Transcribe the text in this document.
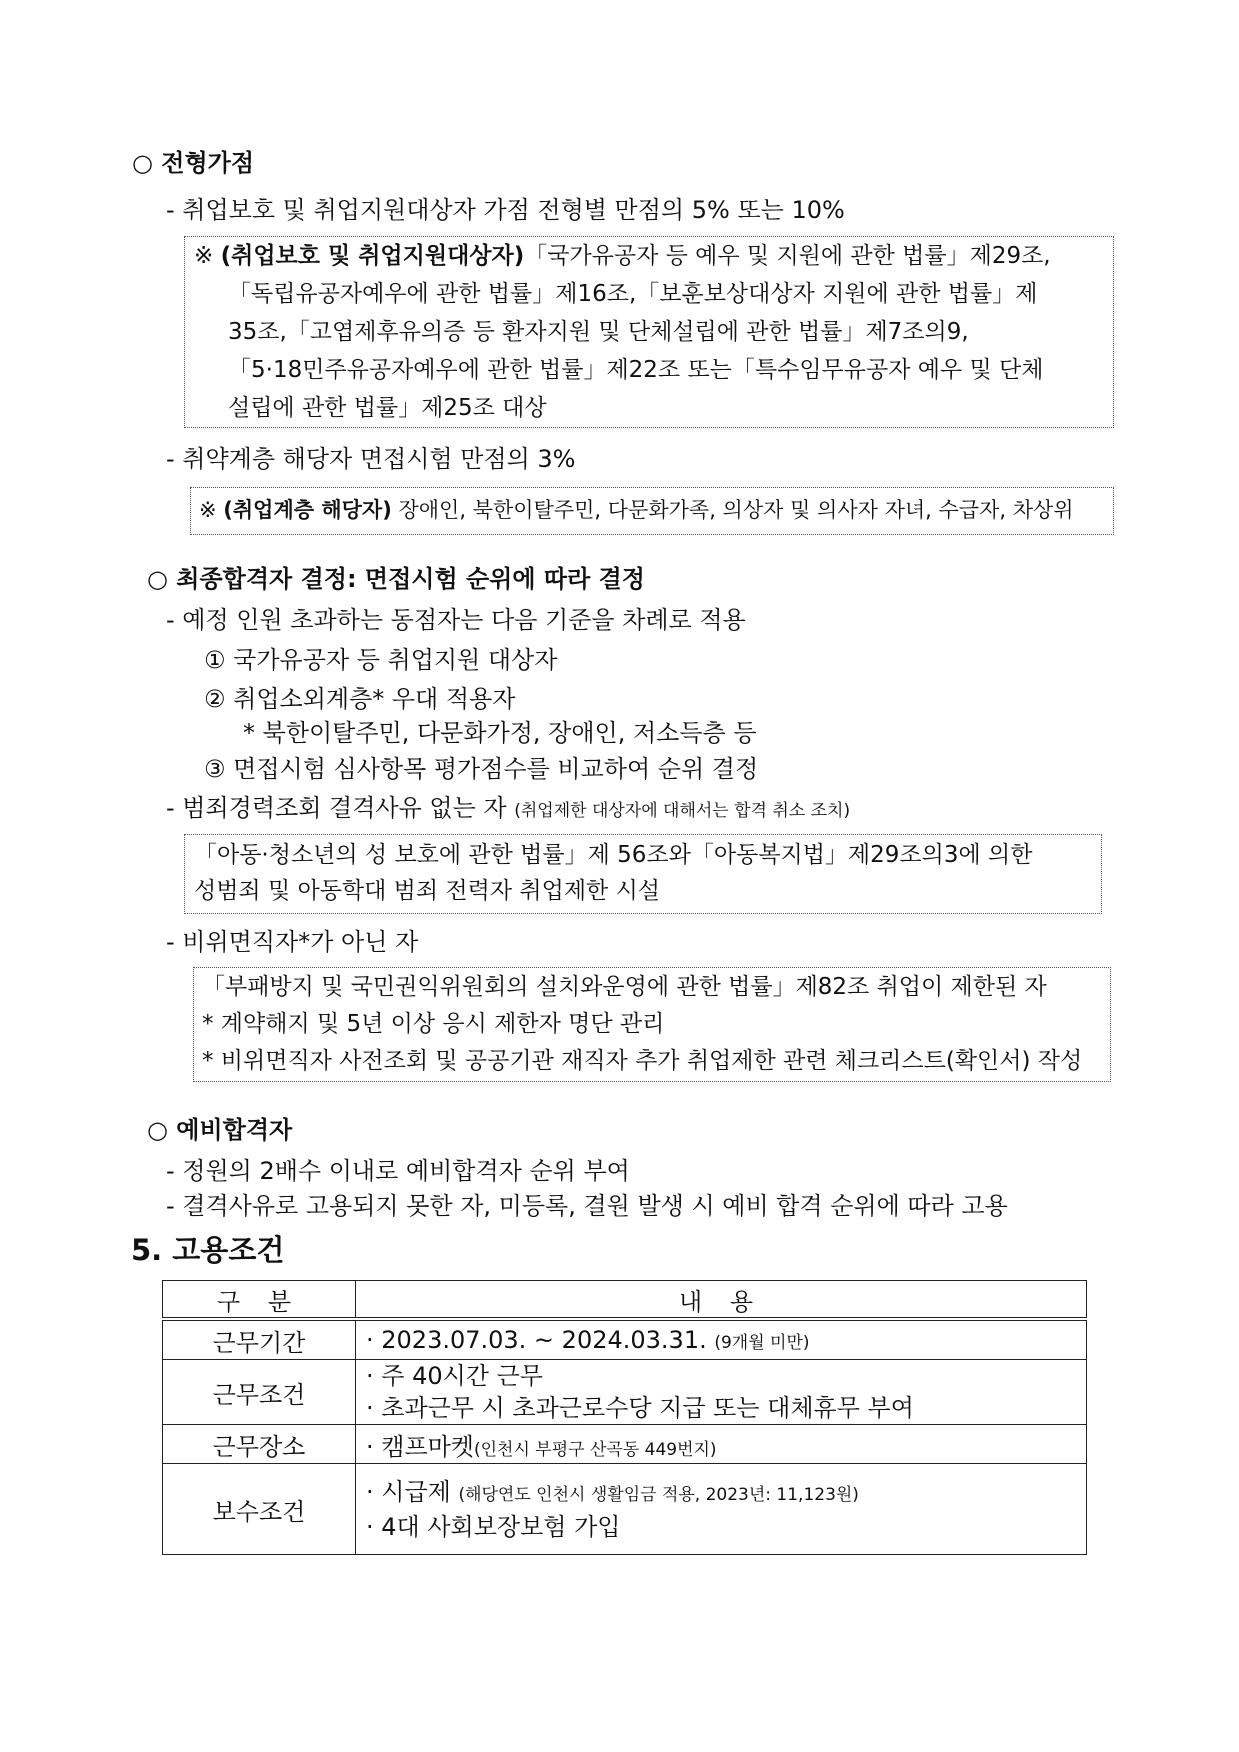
○ 전형가점
- 취업보호 및 취업지원대상자 가점 전형별 만점의 5% 또는 10%
※ (취업보호 및 취업지원대상자)「국가유공자 등 예우 및 지원에 관한 법률」제29조,
「독립유공자예우에 관한 법률」제16조,「보훈보상대상자 지원에 관한 법률」제
35조,「고엽제후유의증 등 환자지원 및 단체설립에 관한 법률」제7조의9,
「5·18민주유공자예우에 관한 법률」제22조 또는「특수임무유공자 예우 및 단체
설립에 관한 법률」제25조 대상
- 취약계층 해당자 면접시험 만점의 3%
※ (취업계층 해당자) 장애인, 북한이탈주민, 다문화가족, 의상자 및 의사자 자녀, 수급자, 차상위
○ 최종합격자 결정: 면접시험 순위에 따라 결정
- 예정 인원 초과하는 동점자는 다음 기준을 차례로 적용
① 국가유공자 등 취업지원 대상자
② 취업소외계층* 우대 적용자
* 북한이탈주민, 다문화가정, 장애인, 저소득층 등
③ 면접시험 심사항목 평가점수를 비교하여 순위 결정
- 범죄경력조회 결격사유 없는 자 (취업제한 대상자에 대해서는 합격 취소 조치)
「아동·청소년의 성 보호에 관한 법률」제 56조와「아동복지법」제29조의3에 의한
성범죄 및 아동학대 범죄 전력자 취업제한 시설
- 비위면직자*가 아닌 자
「부패방지 및 국민권익위원회의 설치와운영에 관한 법률」제82조 취업이 제한된 자
* 계약해지 및 5년 이상 응시 제한자 명단 관리
* 비위면직자 사전조회 및 공공기관 재직자 추가 취업제한 관련 체크리스트(확인서) 작성
○ 예비합격자
- 정원의 2배수 이내로 예비합격자 순위 부여
- 결격사유로 고용되지 못한 자, 미등록, 결원 발생 시 예비 합격 순위에 따라 고용
5. 고용조건
구 분	내 용
근무기간	· 2023.07.03. ~ 2024.03.31. (9개월 미만)
근무조건	· 주 40시간 근무
· 초과근무 시 초과근로수당 지급 또는 대체휴무 부여

근무장소	· 캠프마켓(인천시 부평구 산곡동 449번지)
보수조건	· 시급제 (해당연도 인천시 생활임금 적용, 2023년: 11,123원)
· 4대 사회보장보험 가입
